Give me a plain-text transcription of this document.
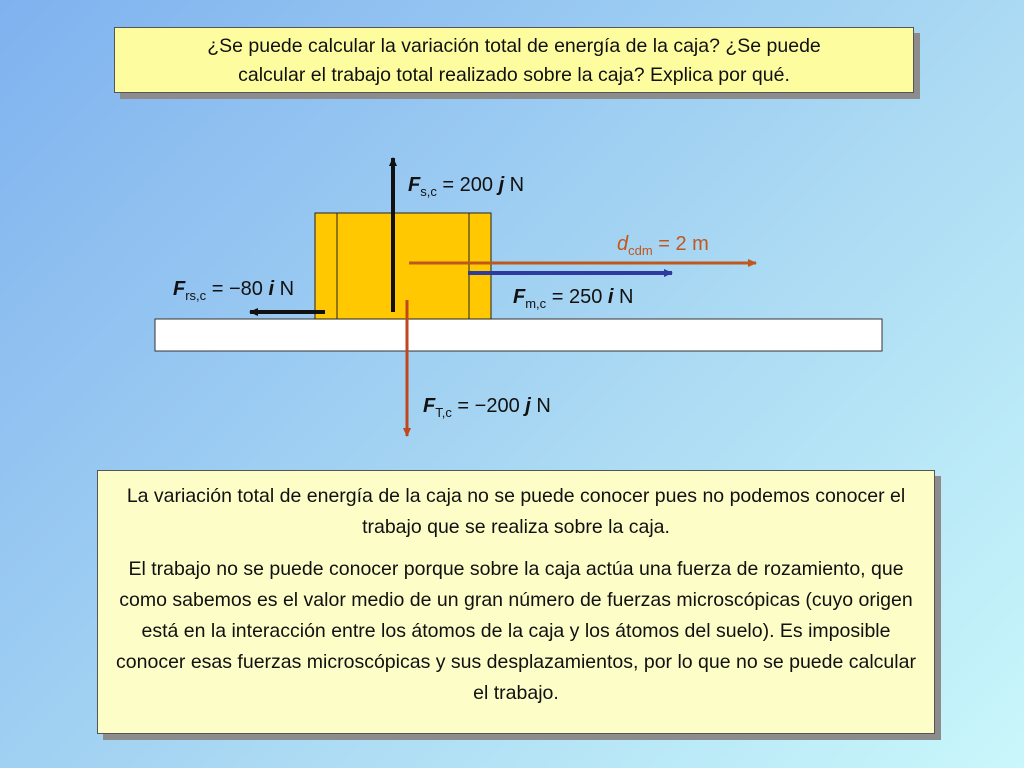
¿Se puede calcular la variación total de energía de la caja? ¿Se puede
calcular el trabajo total realizado sobre la caja? Explica por qué.
$F_{s,c} = 200$ j N
$d_{cdm} = 2$ m
$F_{rs,c} = -80$ i N	$F_{m,c} = 250$ i N
$F_{T,c} = -200$ j N

La variación total de energía de la caja no se puede conocer pues no podemos conocer el trabajo que se realiza sobre la caja.

El trabajo no se puede conocer porque sobre la caja actúa una fuerza de rozamiento, que como sabemos es el valor medio de un gran número de fuerzas microscópicas (cuyo origen está en la interacción entre los átomos de la caja y los átomos del suelo). Es imposible conocer esas fuerzas microscópicas y sus desplazamientos, por lo que no se puede calcular el trabajo.
